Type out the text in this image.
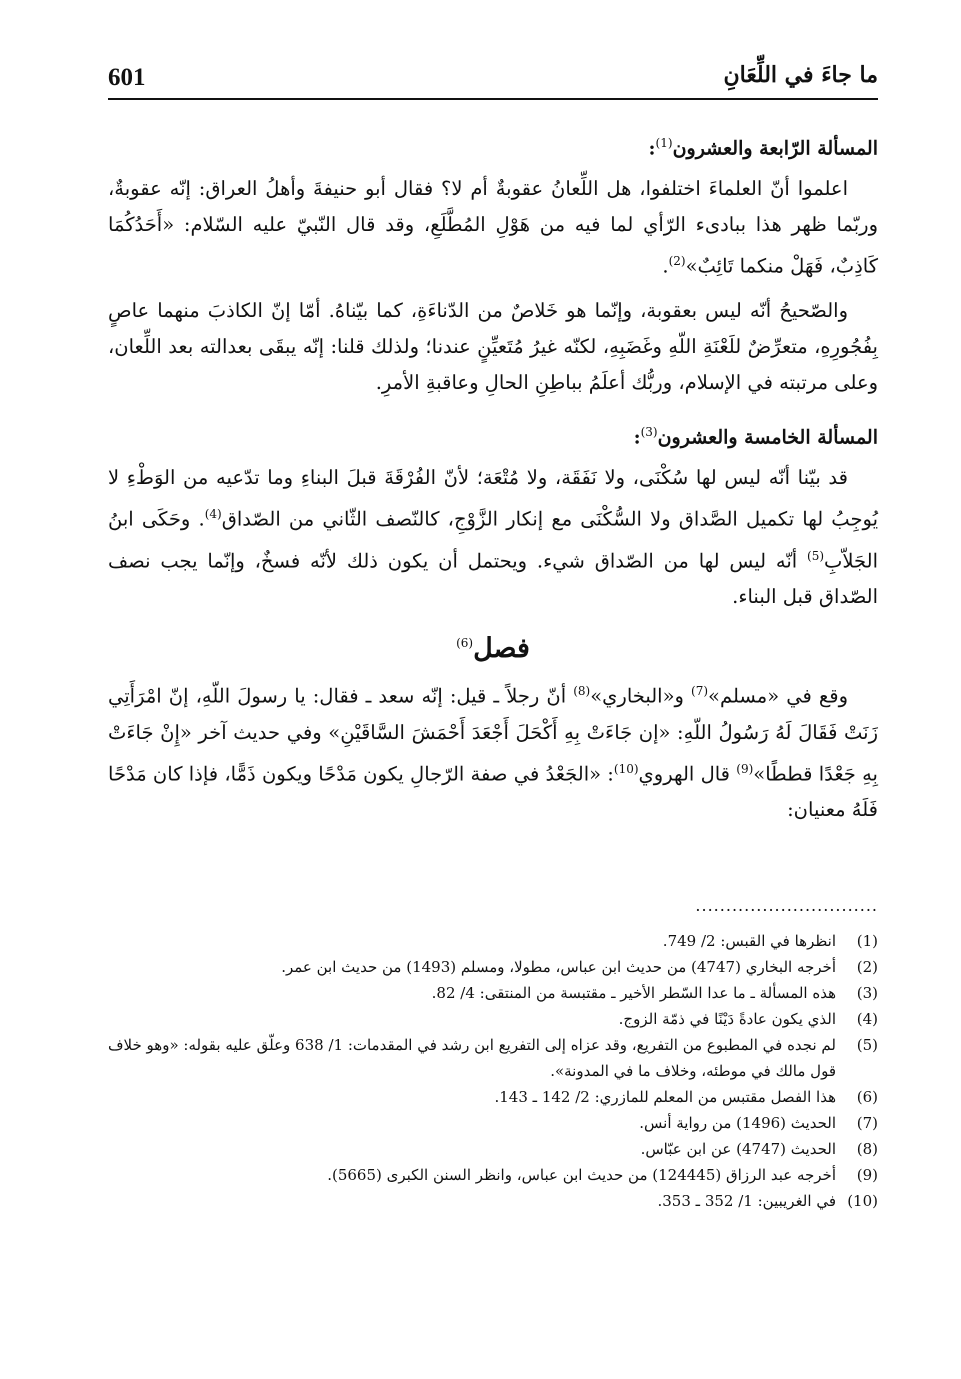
601	ما جاءَ في اللِّعَانِ
المسألة الرّابعة والعشرون$^{(1)}$:

اعلموا أنّ العلماءَ اختلفوا، هل اللِّعانُ عقوبةٌ أم لا؟ فقال أبو حنيفةَ وأهلُ العراق: إنّه عقوبةٌ، وربّما ظهر هذا ببادىء الرّأي لما فيه من هَوْلِ المُطَّلَعِ، وقد قال النّبيّ عليه السّلام: «أَحَدُكُمَا كَاذِبٌ، فَهَلْ منكما تَائِبٌ»$^{(2)}$.

والصّحيحُ أنّه ليس بعقوبة، وإنّما هو خَلاصٌ من الدّناءَةِ، كما بيّناهُ. أمّا إنّ الكاذبَ منهما عاصٍ بِفُجُورِهِ، متعرِّضٌ للَعْنَةِ اللّهِ وغَضَبِهِ، لكنّه غيرُ مُتَعيِّنٍ عندنا؛ ولذلك قلنا: إنّه يبقَى بعدالته بعد اللِّعان، وعلى مرتبته في الإسلام، وربُّك أعلَمُ بباطِنِ الحالِ وعاقبةِ الأمرِ.

المسألة الخامسة والعشرون$^{(3)}$:

قد بيّنا أنّه ليس لها سُكْنَى، ولا نَفَقَة، ولا مُتْعَة؛ لأنّ الفُرْقَةَ قبلَ البناءِ وما تدّعيه من الوَطْءِ لا يُوجِبُ لها تكميل الصَّداق ولا السُّكْنَى مع إنكار الزَّوْجِ، كالنّصف الثّاني من الصّداق$^{(4)}$. وحَكَى ابنُ الجَلاّبِ$^{(5)}$ أنّه ليس لها من الصّداق شيء. ويحتمل أن يكون ذلك لأنّه فسخٌ، وإنّما يجب نصف الصّداق قبل البناء.

فصل$^{(6)}$

وقع في «مسلم»$^{(7)}$ و«البخاري»$^{(8)}$ أنّ رجلاً ـ قيل: إنّه سعد ـ فقال: يا رسولَ اللّهِ، إنّ امْرَأَتِي زَنَتْ فَقَالَ لَهُ رَسُولُ اللّهِ: «إن جَاءَتْ بِهِ أَكْحَلَ أَجْعَدَ أَحْمَشَ السَّاقَيْنِ» وفي حديث آخر «إِنْ جَاءَتْ بِهِ جَعْدًا قططًا»$^{(9)}$ قال الهروي$^{(10)}$: «الجَعْدُ في صفة الرّجالِ يكون مَدْحًا ويكون ذَمًّا، فإذا كان مَدْحًا فَلَهُ معنيان:

..............................
(1)
انظرها في القبس: 2/ 749.
(2)
أخرجه البخاري (4747) من حديث ابن عباس، مطولا، ومسلم (1493) من حديث ابن عمر.
(3)
هذه المسألة ـ ما عدا السّطر الأخير ـ مقتبسة من المنتقى: 4/ 82.
(4)
الذي يكون عادةً دَيْنًا في ذمّة الزوج.
(5)
لم نجده في المطبوع من التفريع، وقد عزاه إلى التفريع ابن رشد في المقدمات: 1/ 638 وعلّق عليه بقوله: «وهو خلاف قول مالك في موطئه، وخلاف ما في المدونة».
(6)
هذا الفصل مقتبس من المعلم للمازري: 2/ 142 ـ 143.
(7)
الحديث (1496) من رواية أنس.
(8)
الحديث (4747) عن ابن عبّاس.
(9)
أخرجه عبد الرزاق (124445) من حديث ابن عباس، وانظر السنن الكبرى (5665).
(10)
في الغريبين: 1/ 352 ـ 353.
